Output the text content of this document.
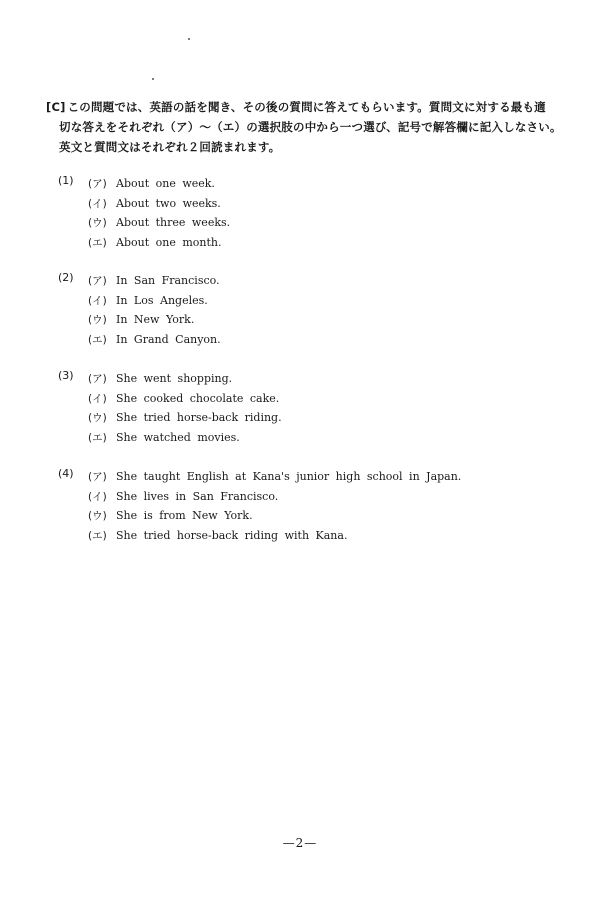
[C] この問題では、英語の話を聞き、その後の質問に答えてもらいます。質問文に対する最も適
切な答えをそれぞれ（ア）～（エ）の選択肢の中から一つ選び、記号で解答欄に記入しなさい。
英文と質問文はそれぞれ２回読まれます。
(1)	(ア) About one week.
(イ) About two weeks.
(ウ) About three weeks.
(エ) About one month.
(2)	(ア) In San Francisco.
(イ) In Los Angeles.
(ウ) In New York.
(エ) In Grand Canyon.
(3)	(ア) She went shopping.
(イ) She cooked chocolate cake.
(ウ) She tried horse-back riding.
(エ) She watched movies.
(4)	(ア) She taught English at Kana's junior high school in Japan.
(イ) She lives in San Francisco.
(ウ) She is from New York.
(エ) She tried horse-back riding with Kana.
—2—
